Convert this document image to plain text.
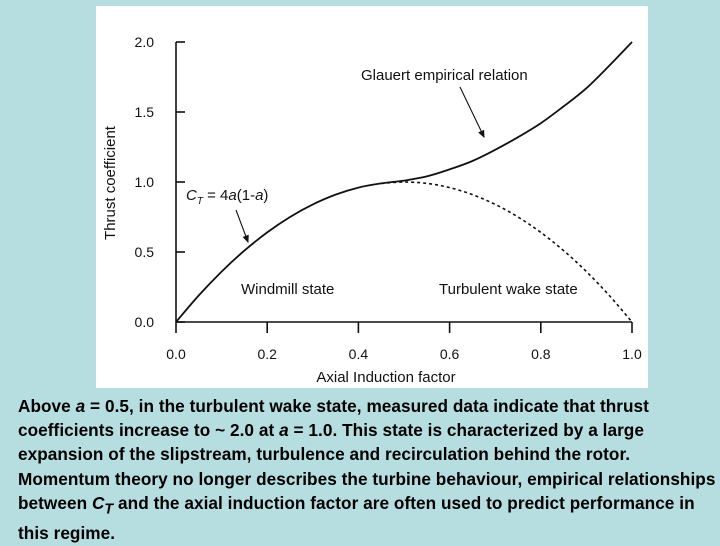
0.0
0.5
1.0
1.5
2.0
0.0	0.2	0.4	0.6	0.8	1.0
Axial Induction factor
Thrust coefficient
Glauert empirical relation
$C_T = 4a(1-a)$
Windmill state	Turbulent wake state
Above a = 0.5, in the turbulent wake state, measured data indicate that thrust coefficients increase to ~ 2.0 at a = 1.0. This state is characterized by a large expansion of the slipstream, turbulence and recirculation behind the rotor. Momentum theory no longer describes the turbine behaviour, empirical relationships between $C_T$ and the axial induction factor are often used to predict performance in this regime.
